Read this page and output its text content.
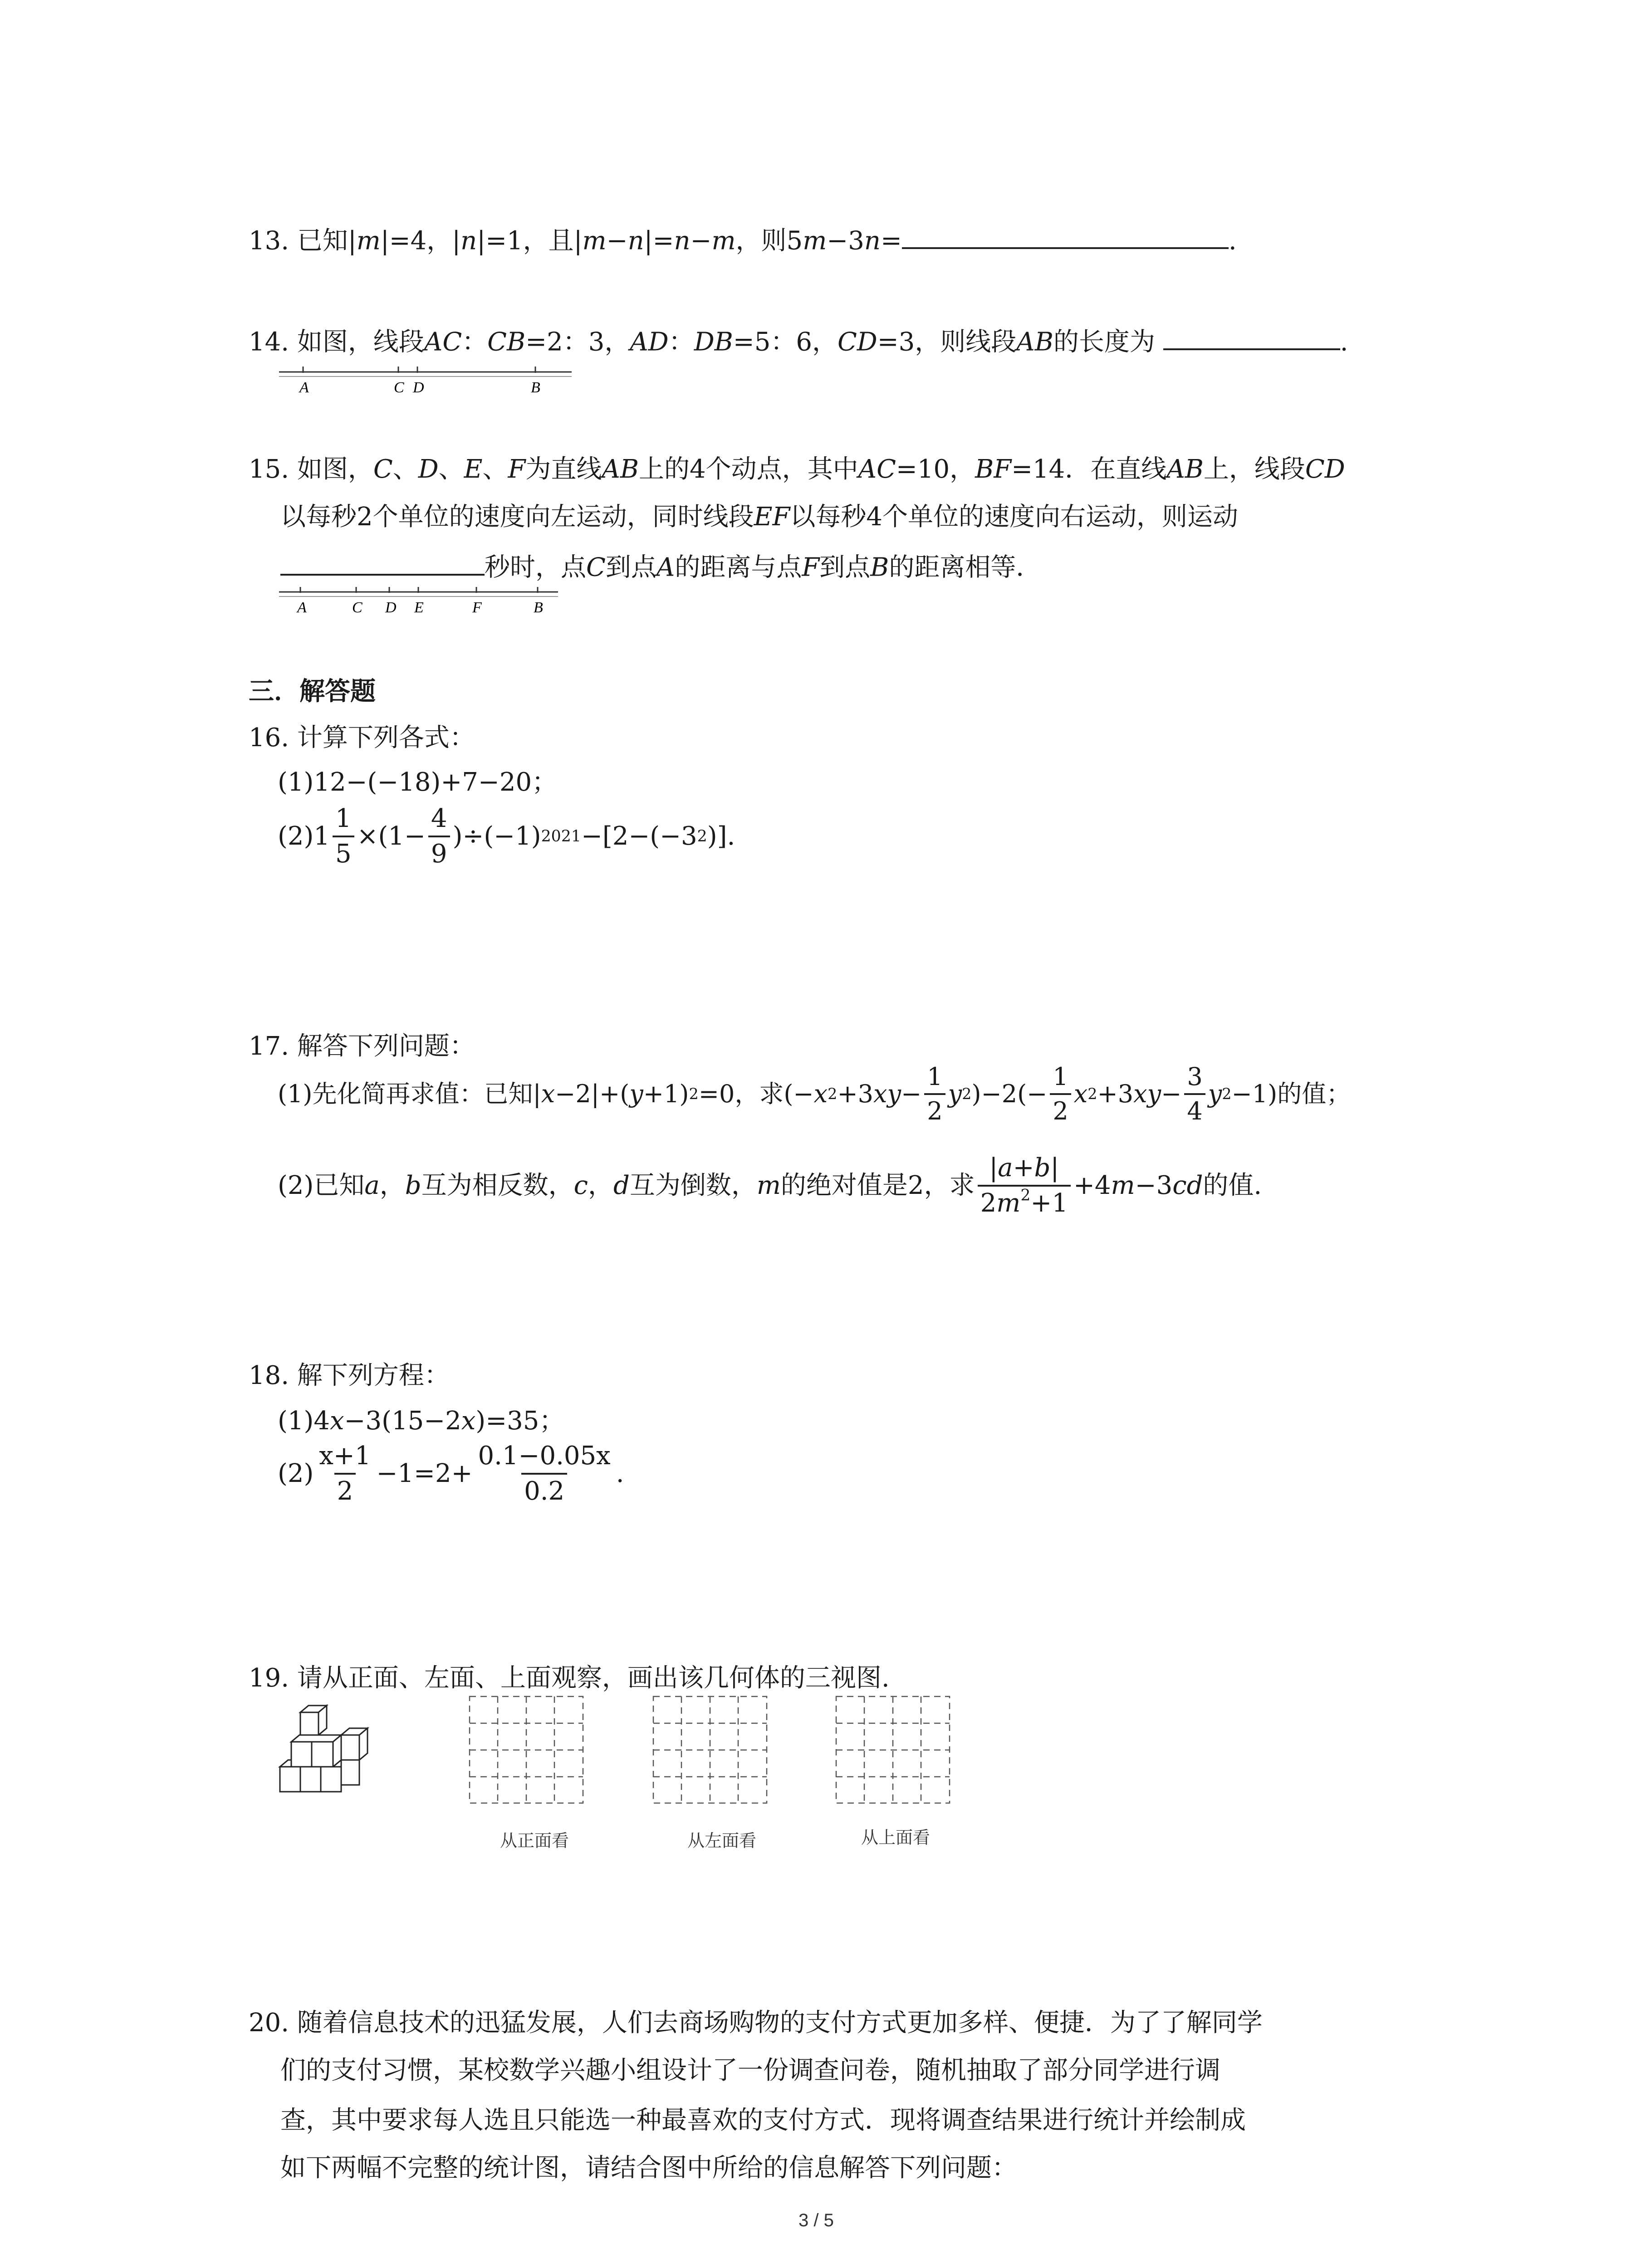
13. 已知|m|=4，|n|=1，且|m−n|=n−m，则5m−3n=	.
14. 如图，线段AC：CB=2：3，AD：DB=5：6，CD=3，则线段AB的长度为	.
A	C D	B
15. 如图，C、D、E、F为直线AB上的4个动点，其中AC=10，BF=14．在直线AB上，线段CD
以每秒2个单位的速度向左运动，同时线段EF以每秒4个单位的速度向右运动，则运动
秒时，点C到点A的距离与点F到点B的距离相等．
A	C D E	F	B
三．解答题
16. 计算下列各式：
(1)12−(−18)+7−20；
$(2)1 \frac{1}{5} \times(1- \frac{4}{9} )\div(-1)$ 2021 −[2−(−3 2 )].
17. 解答下列问题：
(1)先化简再求值：已知| x −2|+( y +1) 2 =0，求(− x 2 +3 xy − $\frac{1}{2}$ y 2 )$-2(- \frac{1}{2}$ x 2 +3 xy − $\frac{3}{4}$ y 2 −1)的值；
(2)已知 a ， b 互为相反数， c ， d 互为倒数， m 的绝对值是2，求 $\frac{|a+b|}{2m^2+1} +4$ m −3 cd 的值.
18. 解下列方程：
(1)4x−3(15−2x)=35；
$(2) \frac{x+1}{2} -1=2+ \frac{0.1-0.05x}{0.2}$ .
19. 请从正面、左面、上面观察，画出该几何体的三视图.
从正面看	从左面看	从上面看
20. 随着信息技术的迅猛发展，人们去商场购物的支付方式更加多样、便捷．为了了解同学
们的支付习惯，某校数学兴趣小组设计了一份调查问卷，随机抽取了部分同学进行调
查，其中要求每人选且只能选一种最喜欢的支付方式．现将调查结果进行统计并绘制成
如下两幅不完整的统计图，请结合图中所给的信息解答下列问题：
3 / 5
